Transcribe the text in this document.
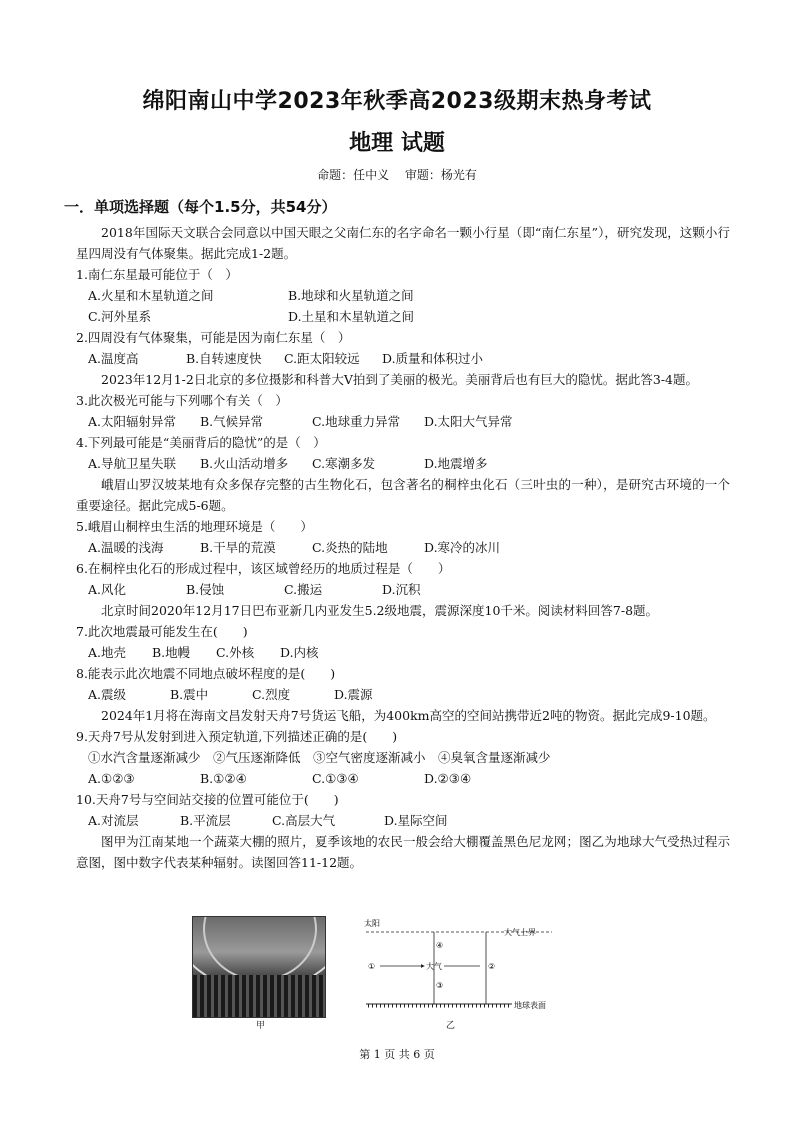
绵阳南山中学2023年秋季高2023级期末热身考试
地理 试题
命题：任中义　 审题：杨光有
一．单项选择题（每个1.5分，共54分）
2018年国际天文联合会同意以中国天眼之父南仁东的名字命名一颗小行星（即“南仁东星”），研究发现，这颗小行星四周没有气体聚集。据此完成1-2题。
1.南仁东星最可能位于（　）
A.火星和木星轨道之间	B.地球和火星轨道之间
C.河外星系	D.土星和木星轨道之间
2.四周没有气体聚集，可能是因为南仁东星（　）
A.温度高	B.自转速度快 C.距太阳较远 D.质量和体积过小
2023年12月1-2日北京的多位摄影和科普大V拍到了美丽的极光。美丽背后也有巨大的隐忧。据此答3-4题。
3.此次极光可能与下列哪个有关（　）
A.太阳辐射异常 B.气候异常	C.地球重力异常 D.太阳大气异常
4.下列最可能是“美丽背后的隐忧”的是（　）
A.导航卫星失联 B.火山活动增多 C.寒潮多发	D.地震增多
峨眉山罗汉坡某地有众多保存完整的古生物化石，包含著名的桐梓虫化石（三叶虫的一种），是研究古环境的一个重要途径。据此完成5-6题。
5.峨眉山桐梓虫生活的地理环境是（　　）
A.温暖的浅海	B.干旱的荒漠	C.炎热的陆地	D.寒冷的冰川
6.在桐梓虫化石的形成过程中，该区域曾经历的地质过程是（　　）
A.风化	B.侵蚀	C.搬运	D.沉积
北京时间2020年12月17日巴布亚新几内亚发生5.2级地震，震源深度10千米。阅读材料回答7-8题。
7.此次地震最可能发生在(　　)
A.地壳 B.地幔 C.外核 D.内核
8.能表示此次地震不同地点破坏程度的是(　　)
A.震级	B.震中	C.烈度	D.震源
2024年1月将在海南文昌发射天舟7号货运飞船，为400km高空的空间站携带近2吨的物资。据此完成9-10题。
9.天舟7号从发射到进入预定轨道,下列描述正确的是(　　)
①水汽含量逐渐减少　②气压逐渐降低　③空气密度逐渐减小　④臭氧含量逐渐减少
A.①②③	B.①②④	C.①③④	D.②③④
10.天舟7号与空间站交接的位置可能位于(　　)
A.对流层	B.平流层	C.高层大气	D.星际空间
图甲为江南某地一个蔬菜大棚的照片，夏季该地的农民一般会给大棚覆盖黑色尼龙网；图乙为地球大气受热过程示意图，图中数字代表某种辐射。读图回答11-12题。
甲
太阳
大气上界
大气
地球表面
①	②
③
④
乙
第 1 页 共 6 页
